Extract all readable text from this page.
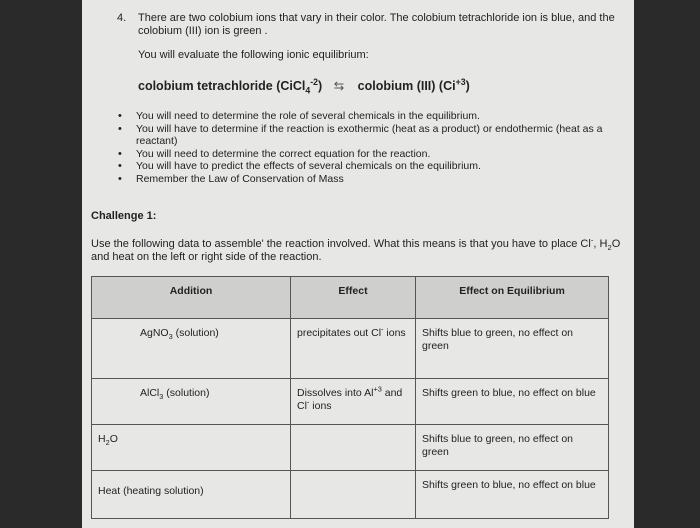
4. There are two colobium ions that vary in their color. The colobium tetrachloride ion is blue, and the colobium (III) ion is green .
You will evaluate the following ionic equilibrium:
colobium tetrachloride (CiCl$_4^{-2}$) ⇆ colobium (III) $(Ci^{+3})$
• You will need to determine the role of several chemicals in the equilibrium.
• You will have to determine if the reaction is exothermic (heat as a product) or endothermic (heat as a reactant)
• You will need to determine the correct equation for the reaction.
• You will have to predict the effects of several chemicals on the equilibrium.
• Remember the Law of Conservation of Mass
Challenge 1:
Use the following data to assemble' the reaction involved. What this means is that you have to place Cl-, $H_2O$ and heat on the left or right side of the reaction.
Addition	Effect	Effect on Equilibrium

AgNO$_3$ (solution)	precipitates out Cl- ions	Shifts blue to green, no effect on green

AlCl$_3$ (solution)	Dissolves into $Al^{+3}$ and Cl- ions	Shifts green to blue, no effect on blue

$H_2O$		Shifts blue to green, no effect on green

Heat (heating solution)		Shifts green to blue, no effect on blue
